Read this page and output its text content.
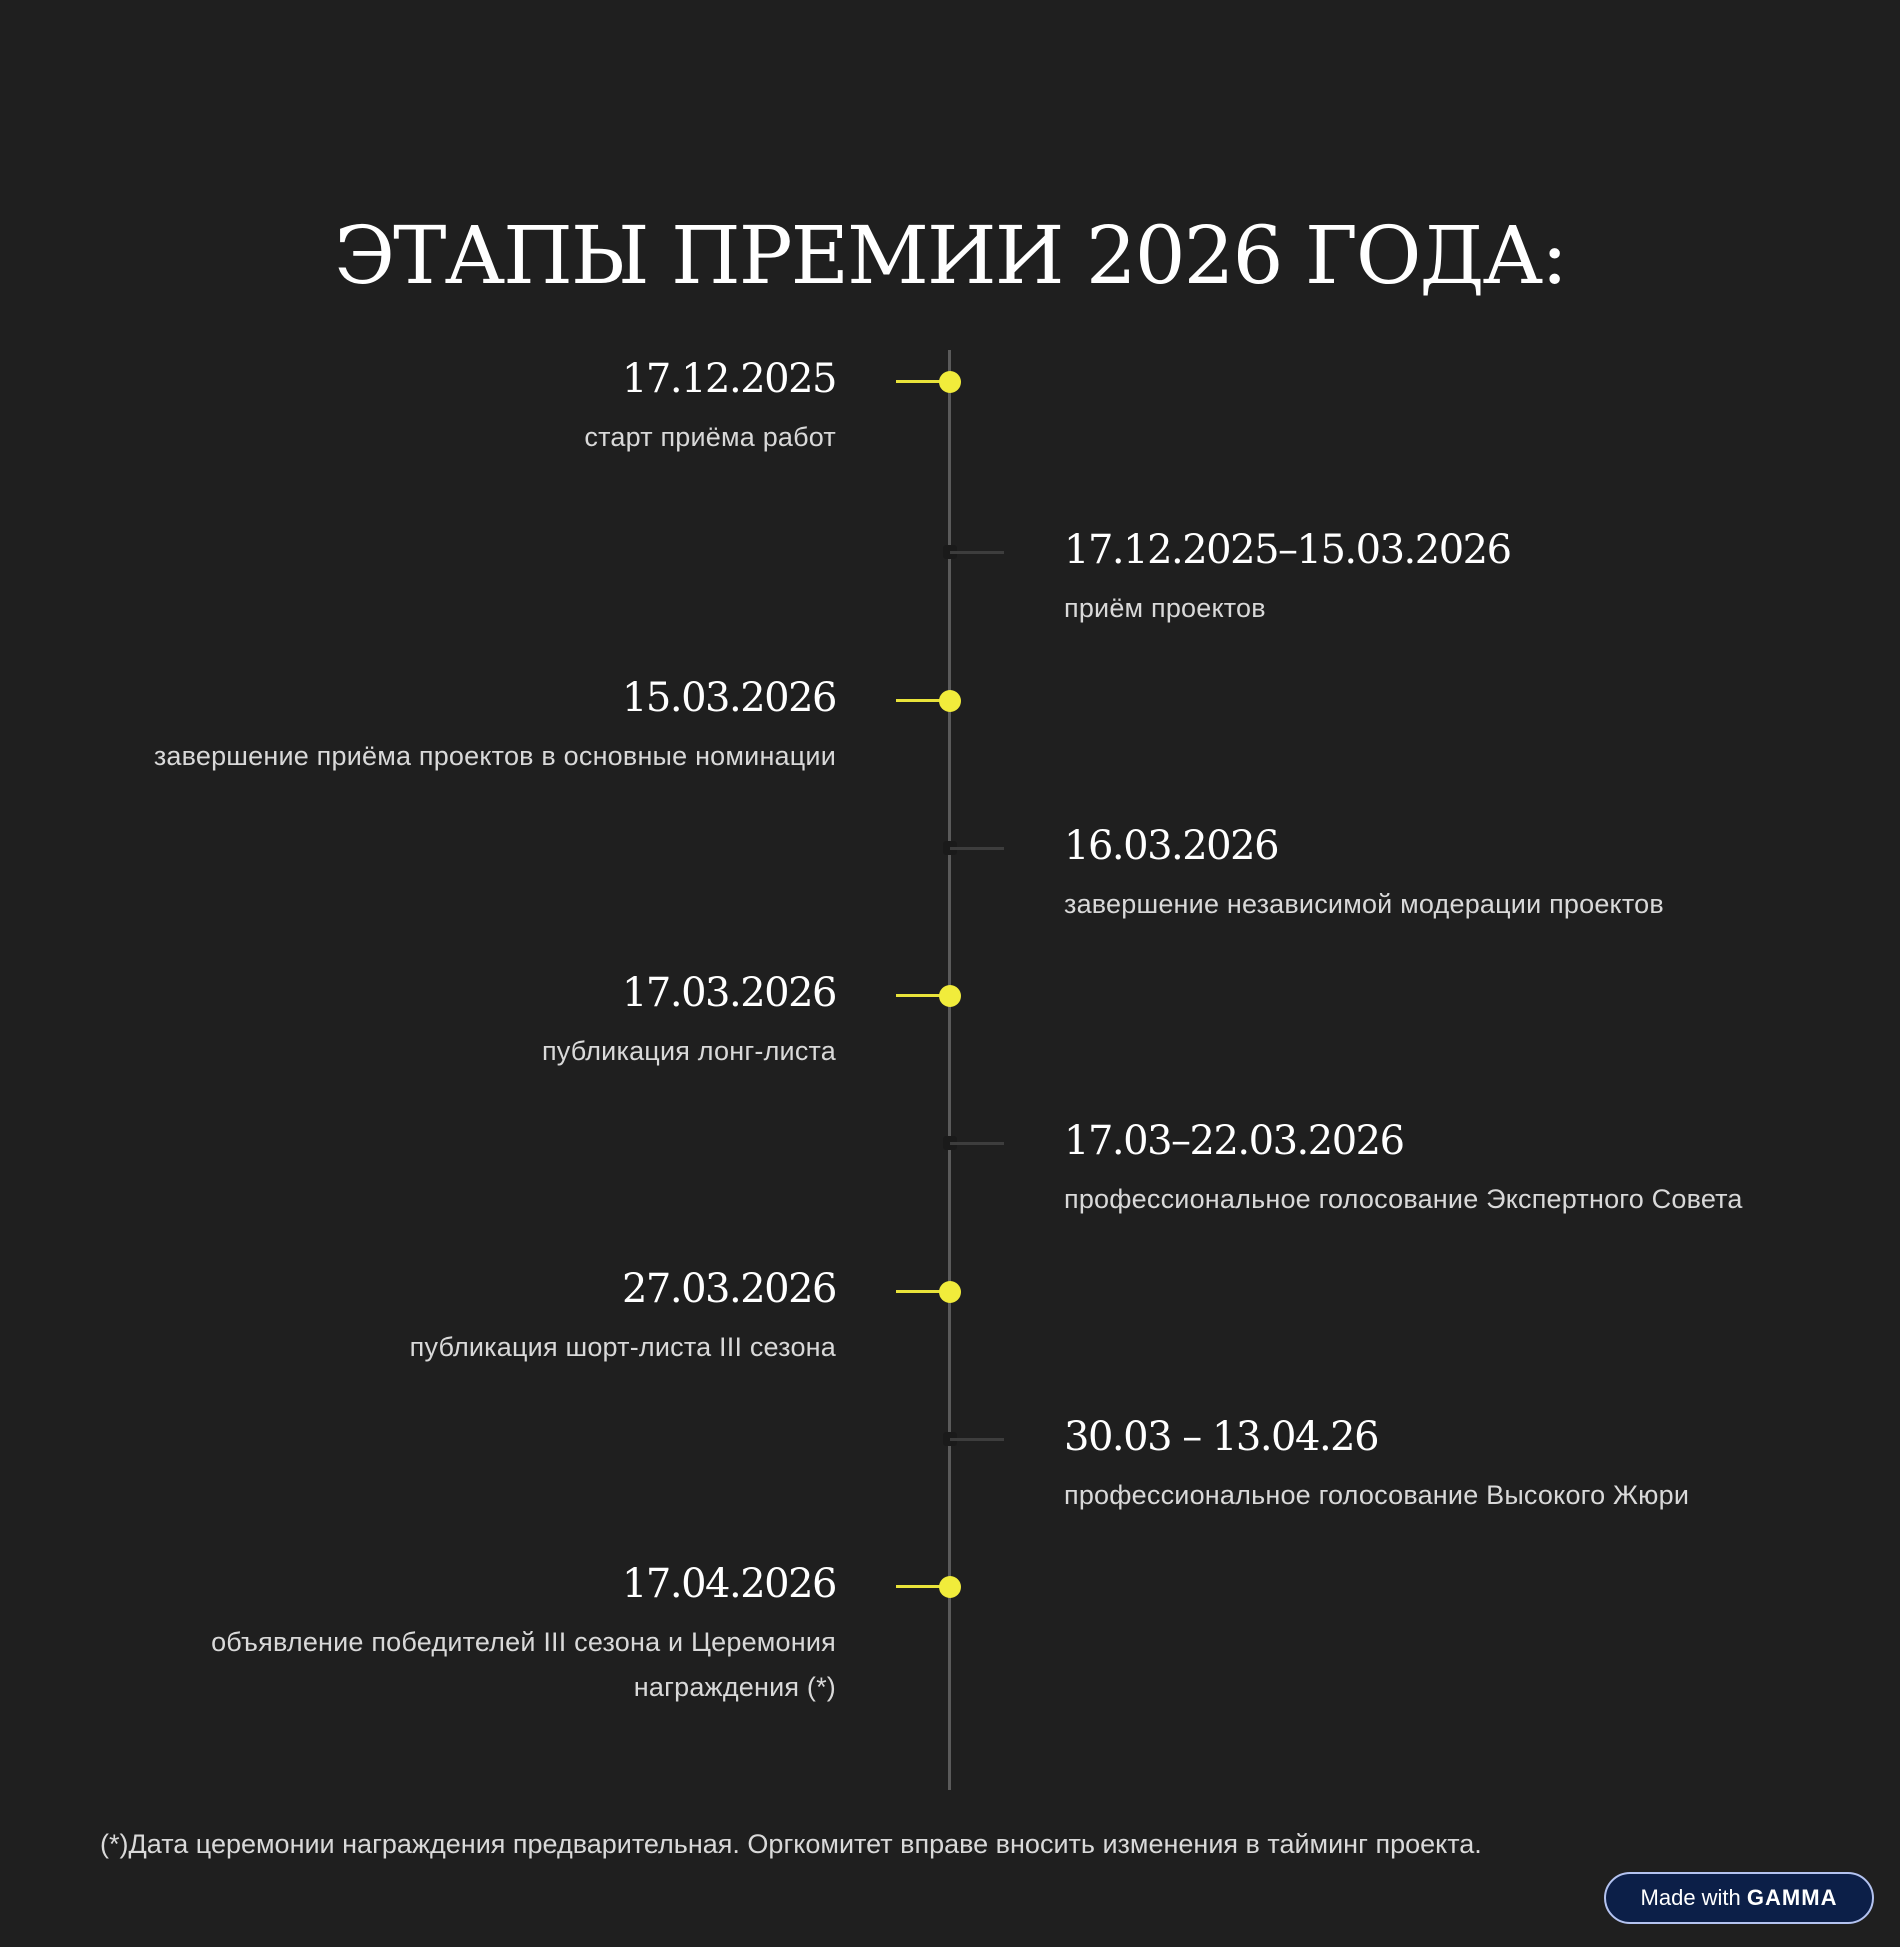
ЭТАПЫ ПРЕМИИ 2026 ГОДА:
17.12.2025
старт приёма работ
17.12.2025–15.03.2026
приём проектов
15.03.2026
завершение приёма проектов в основные номинации
16.03.2026
завершение независимой модерации проектов
17.03.2026
публикация лонг-листа
17.03–22.03.2026
профессиональное голосование Экспертного Совета
27.03.2026
публикация шорт-листа III сезона
30.03 – 13.04.26
профессиональное голосование Высокого Жюри
17.04.2026
объявление победителей III сезона и Церемония награждения (*)
(*)Дата церемонии награждения предварительная. Оргкомитет вправе вносить изменения в тайминг проекта.
Made with GAMMA
